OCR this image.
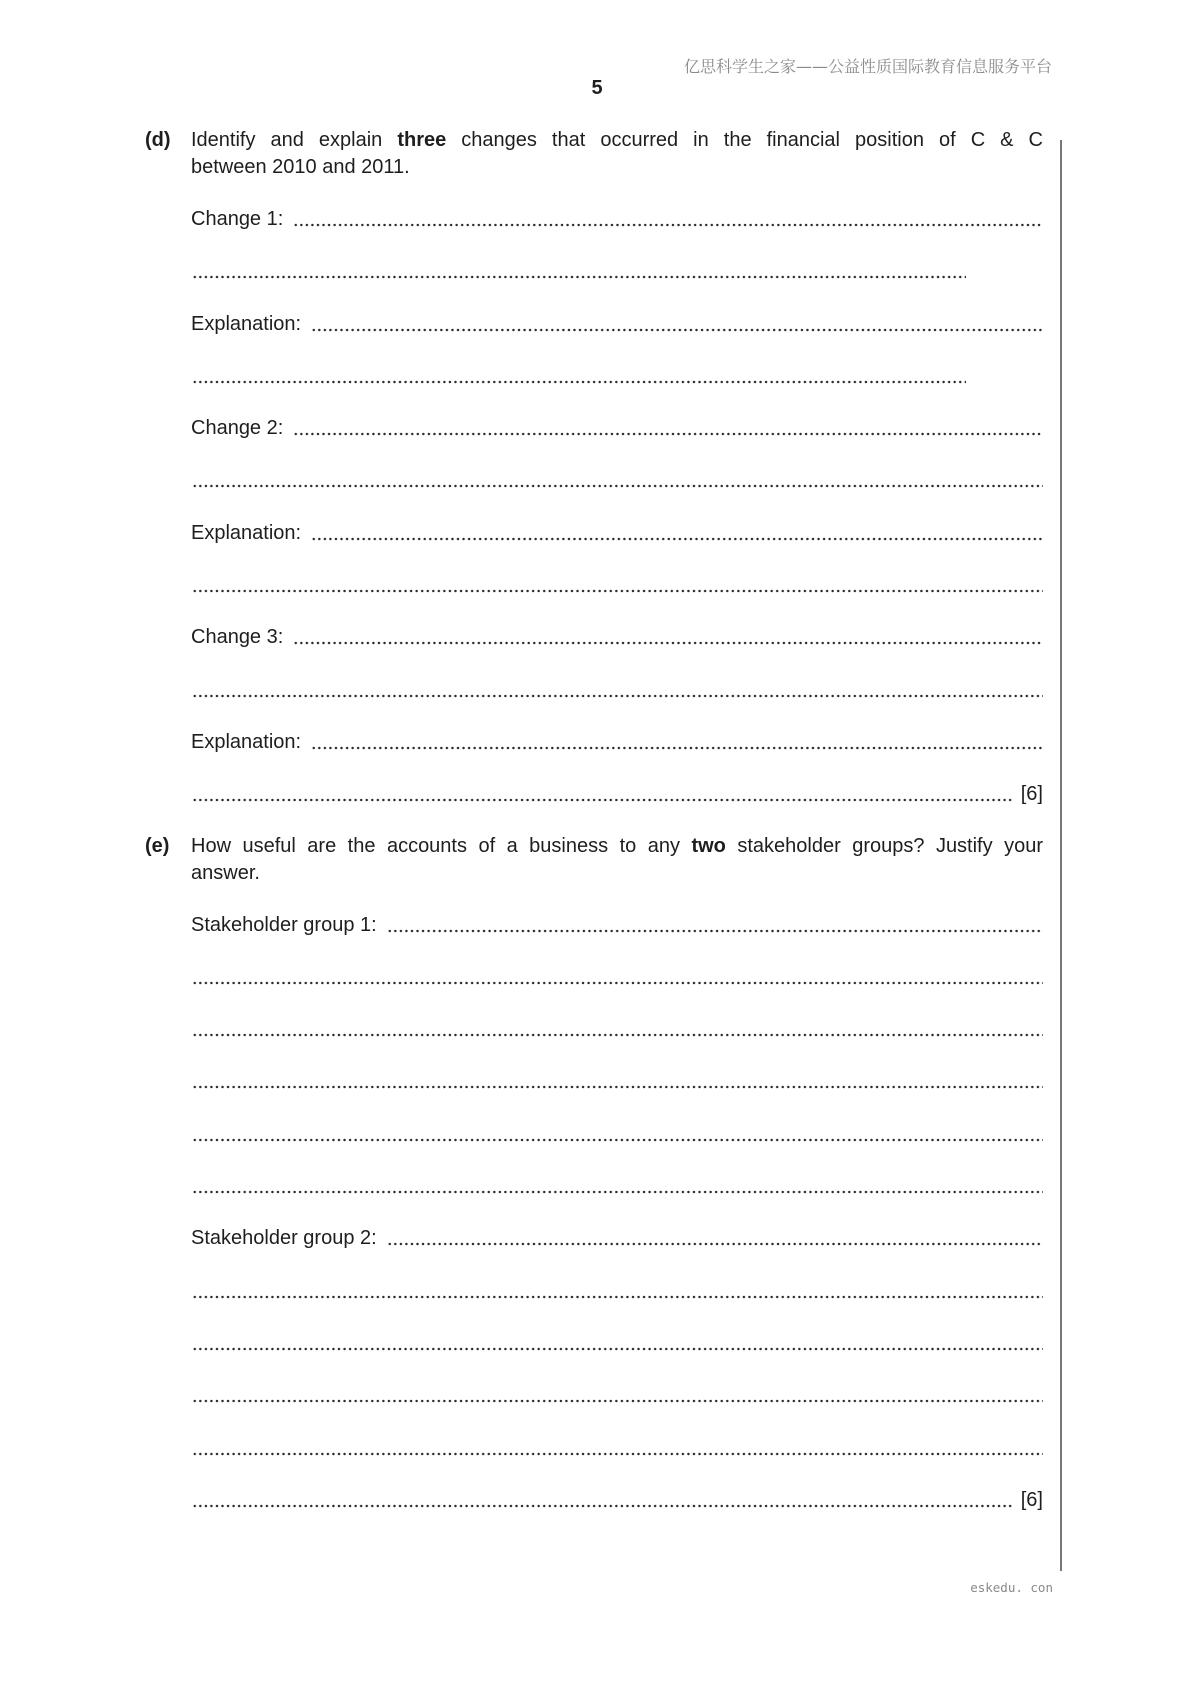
亿思科学生之家——公益性质国际教育信息服务平台
5
(d) Identify and explain three changes that occurred in the financial position of C & C
between 2010 and 2011.
Change 1:
Explanation:
Change 2:
Explanation:
Change 3:
Explanation:
[6]
(e) How useful are the accounts of a business to any two stakeholder groups? Justify your
answer.
Stakeholder group 1:
Stakeholder group 2:
[6]
eskedu. con
